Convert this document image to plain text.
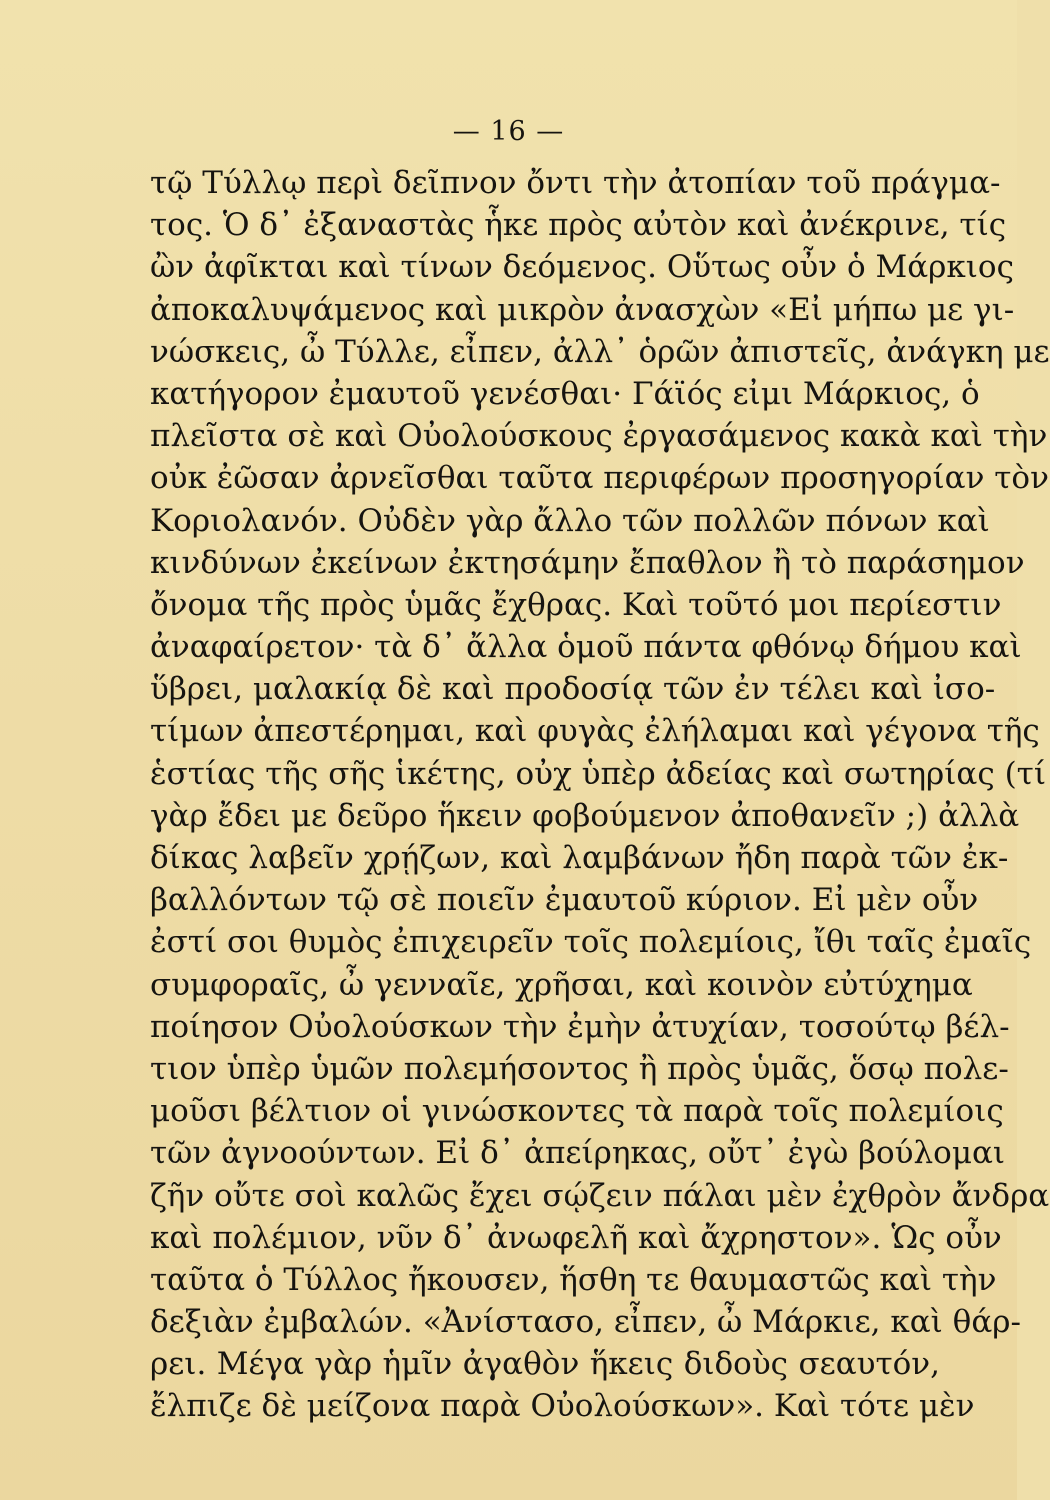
— 16 —
τῷ Τύλλῳ περὶ δεῖπνον ὄντι τὴν ἀτοπίαν τοῦ πράγμα-
τος. Ὁ δ᾽ ἐξαναστὰς ἧκε πρὸς αὐτὸν καὶ ἀνέκρινε, τίς
ὢν ἀφῖκται καὶ τίνων δεόμενος. Οὕτως οὖν ὁ Μάρκιος
ἀποκαλυψάμενος καὶ μικρὸν ἀνασχὼν «Εἰ μήπω με γι-
νώσκεις, ὦ Τύλλε, εἶπεν, ἀλλ᾽ ὁρῶν ἀπιστεῖς, ἀνάγκη με
κατήγορον ἐμαυτοῦ γενέσθαι· Γάϊός εἰμι Μάρκιος, ὁ
πλεῖστα σὲ καὶ Οὐολούσκους ἐργασάμενος κακὰ καὶ τὴν
οὐκ ἐῶσαν ἀρνεῖσθαι ταῦτα περιφέρων προσηγορίαν τὸν
Κοριολανόν. Οὐδὲν γὰρ ἄλλο τῶν πολλῶν πόνων καὶ
κινδύνων ἐκείνων ἐκτησάμην ἔπαθλον ἢ τὸ παράσημον
ὄνομα τῆς πρὸς ὑμᾶς ἔχθρας. Καὶ τοῦτό μοι περίεστιν
ἀναφαίρετον· τὰ δ᾽ ἄλλα ὁμοῦ πάντα φθόνῳ δήμου καὶ
ὕβρει, μαλακίᾳ δὲ καὶ προδοσίᾳ τῶν ἐν τέλει καὶ ἰσο-
τίμων ἀπεστέρημαι, καὶ φυγὰς ἐλήλαμαι καὶ γέγονα τῆς
ἑστίας τῆς σῆς ἱκέτης, οὐχ ὑπὲρ ἀδείας καὶ σωτηρίας (τί
γὰρ ἔδει με δεῦρο ἥκειν φοβούμενον ἀποθανεῖν ;) ἀλλὰ
δίκας λαβεῖν χρῄζων, καὶ λαμβάνων ἤδη παρὰ τῶν ἐκ-
βαλλόντων τῷ σὲ ποιεῖν ἐμαυτοῦ κύριον. Εἰ μὲν οὖν
ἐστί σοι θυμὸς ἐπιχειρεῖν τοῖς πολεμίοις, ἴθι ταῖς ἐμαῖς
συμφοραῖς, ὦ γενναῖε, χρῆσαι, καὶ κοινὸν εὐτύχημα
ποίησον Οὐολούσκων τὴν ἐμὴν ἀτυχίαν, τοσούτῳ βέλ-
τιον ὑπὲρ ὑμῶν πολεμήσοντος ἢ πρὸς ὑμᾶς, ὅσῳ πολε-
μοῦσι βέλτιον οἱ γινώσκοντες τὰ παρὰ τοῖς πολεμίοις
τῶν ἀγνοούντων. Εἰ δ᾽ ἀπείρηκας, οὔτ᾽ ἐγὼ βούλομαι
ζῆν οὔτε σοὶ καλῶς ἔχει σῴζειν πάλαι μὲν ἐχθρὸν ἄνδρα
καὶ πολέμιον, νῦν δ᾽ ἀνωφελῆ καὶ ἄχρηστον». Ὡς οὖν
ταῦτα ὁ Τύλλος ἤκουσεν, ἥσθη τε θαυμαστῶς καὶ τὴν
δεξιὰν ἐμβαλών. «Ἀνίστασο, εἶπεν, ὦ Μάρκιε, καὶ θάρ-
ρει. Μέγα γὰρ ἡμῖν ἀγαθὸν ἥκεις διδοὺς σεαυτόν,
ἔλπιζε δὲ μείζονα παρὰ Οὐολούσκων». Καὶ τότε μὲν
